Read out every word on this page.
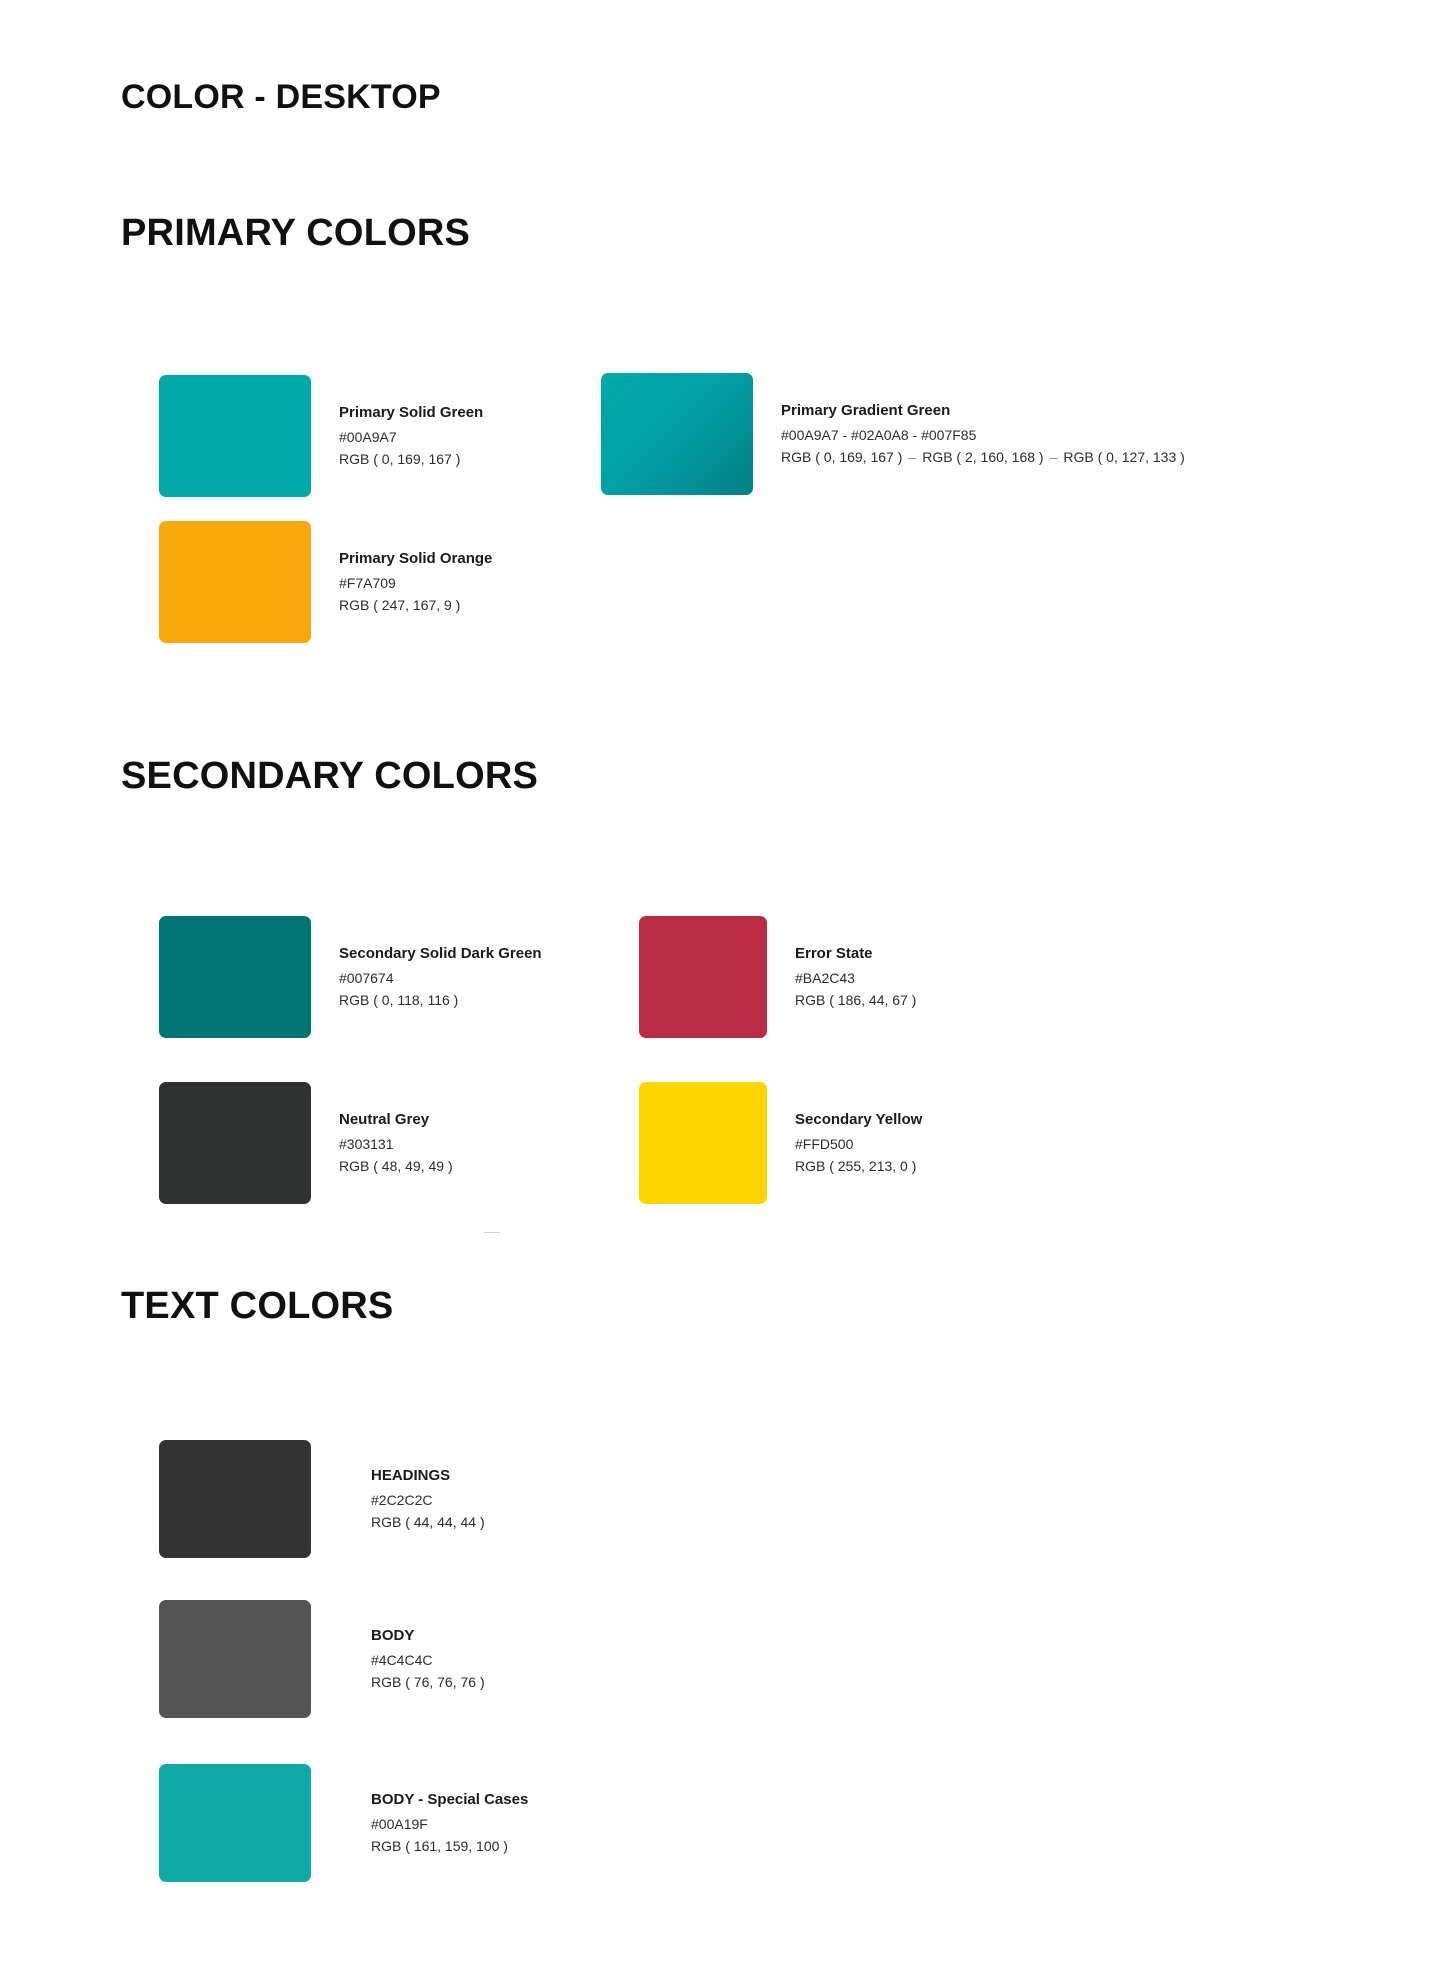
COLOR - DESKTOP
PRIMARY COLORS
Primary Solid Green
#00A9A7
RGB ( 0, 169, 167 )
Primary Gradient Green
#00A9A7 - #02A0A8 - #007F85
RGB ( 0, 169, 167 ) – RGB ( 2, 160, 168 ) – RGB ( 0, 127, 133 )
Primary Solid Orange
#F7A709
RGB ( 247, 167, 9 )
SECONDARY COLORS
Secondary Solid Dark Green
#007674
RGB ( 0, 118, 116 )
Error State
#BA2C43
RGB ( 186, 44, 67 )
Neutral Grey
#303131
RGB ( 48, 49, 49 )
Secondary Yellow
#FFD500
RGB ( 255, 213, 0 )
TEXT COLORS
HEADINGS
#2C2C2C
RGB ( 44, 44, 44 )
BODY
#4C4C4C
RGB ( 76, 76, 76 )
BODY - Special Cases
#00A19F
RGB ( 161, 159, 100 )
